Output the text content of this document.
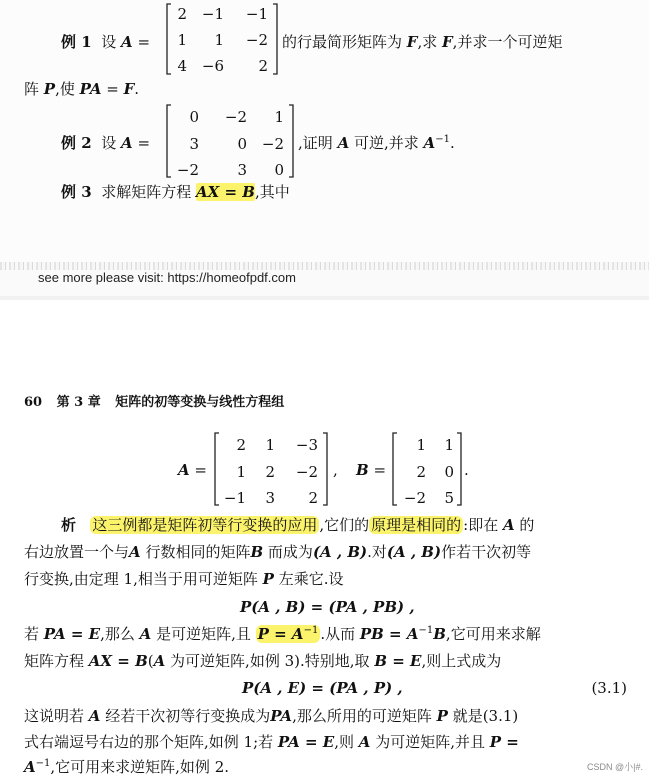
例 1 设 A =
2 −1 −1
1 1 −2
4 −6 2
的行最简形矩阵为 F,求 F,并求一个可逆矩
阵 P,使 PA = F.
例 2 设 A =
0 −2 1
3	0 −2
−2	3 0
,证明 A 可逆,并求 $A^{-1}$.
例 3 求解矩阵方程 AX = B,其中
see more please visit: https://homeofpdf.com
60 第 3 章 矩阵的初等变换与线性方程组
A =
2 1 −3
1 2 −2
−1 3 2
, B =
1 1
2 0
−2 5
.
析 这三例都是矩阵初等行变换的应用 ,它们的 原理是相同的 :即在 A 的
右边放置一个与A 行数相同的矩阵B 而成为(A , B).对(A , B)作若干次初等
行变换,由定理 1,相当于用可逆矩阵 P 左乘它.设
P(A , B) = (PA , PB) ,
若 PA = E,那么 A 是可逆矩阵,且 $P = A^{-1}$ .从而 PB = $A^{-1}B$,它可用来求解
矩阵方程 AX = B(A 为可逆矩阵,如例 3).特别地,取 B = E,则上式成为
P(A , E) = (PA , P) ,	(3.1)
这说明若 A 经若干次初等行变换成为PA,那么所用的可逆矩阵 P 就是(3.1)
式右端逗号右边的那个矩阵,如例 1;若 PA = E,则 A 为可逆矩阵,并且 P =
$A^{-1}$,它可用来求逆矩阵,如例 2.	CSDN @小|#.
